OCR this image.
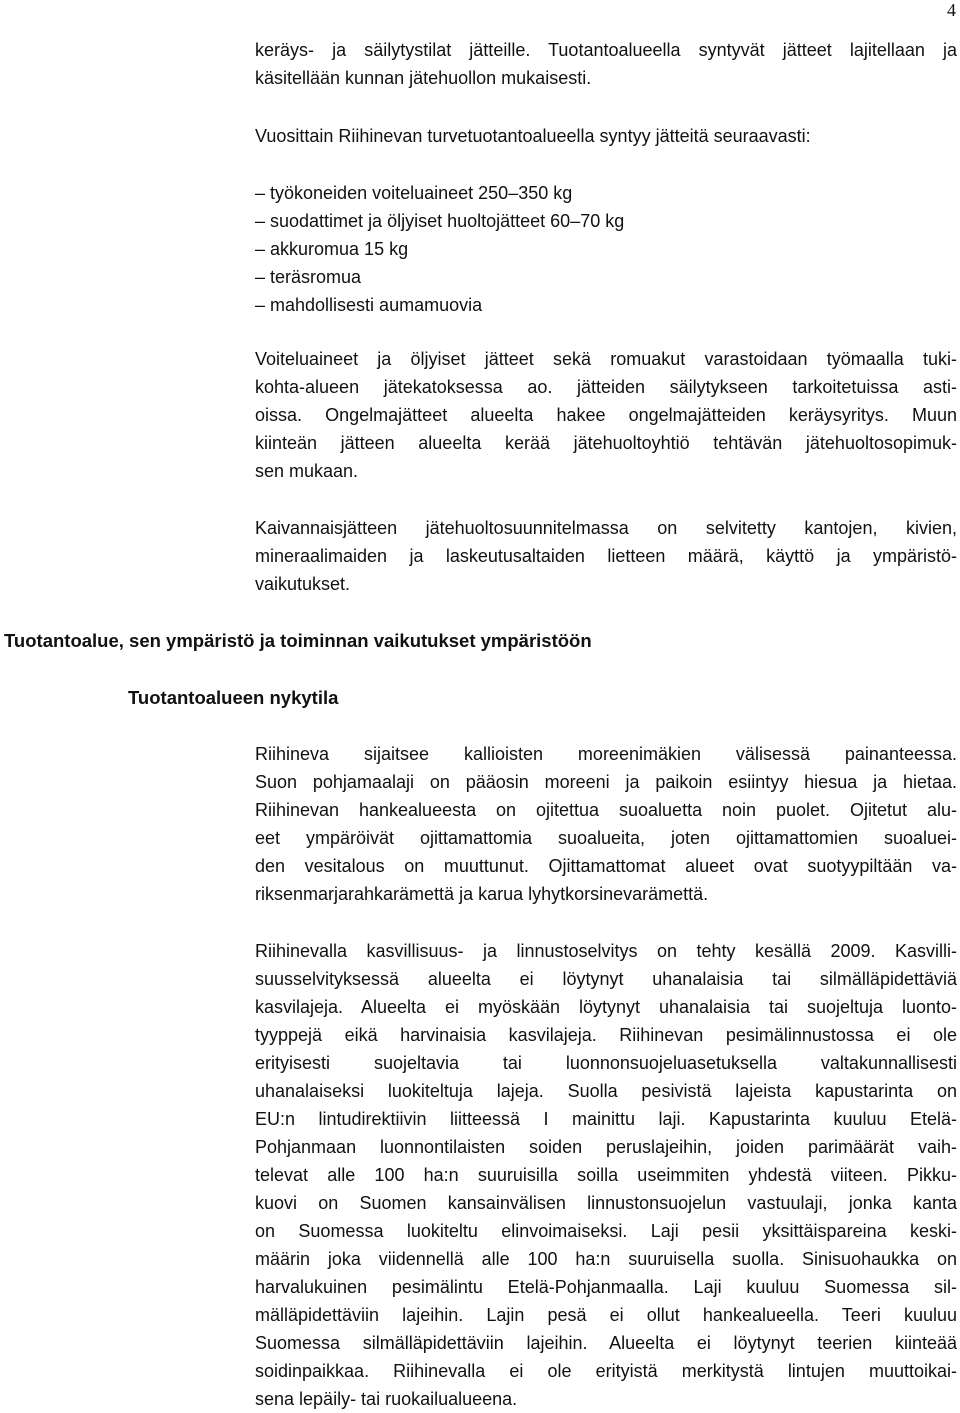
4
keräys- ja säilytystilat jätteille. Tuotantoalueella syntyvät jätteet lajitellaan ja
käsitellään kunnan jätehuollon mukaisesti.
Vuosittain Riihinevan turvetuotantoalueella syntyy jätteitä seuraavasti:
– työkoneiden voiteluaineet 250–350 kg
– suodattimet ja öljyiset huoltojätteet 60–70 kg
– akkuromua 15 kg
– teräsromua
– mahdollisesti aumamuovia
Voiteluaineet ja öljyiset jätteet sekä romuakut varastoidaan työmaalla tuki-
kohta-alueen jätekatoksessa ao. jätteiden säilytykseen tarkoitetuissa asti-
oissa. Ongelmajätteet alueelta hakee ongelmajätteiden keräysyritys. Muun
kiinteän jätteen alueelta kerää jätehuoltoyhtiö tehtävän jätehuoltosopimuk-
sen mukaan.
Kaivannaisjätteen jätehuoltosuunnitelmassa on selvitetty kantojen, kivien,
mineraalimaiden ja laskeutusaltaiden lietteen määrä, käyttö ja ympäristö-
vaikutukset.
Tuotantoalue, sen ympäristö ja toiminnan vaikutukset ympäristöön
Tuotantoalueen nykytila
Riihineva sijaitsee kallioisten moreenimäkien välisessä painanteessa.
Suon pohjamaalaji on pääosin moreeni ja paikoin esiintyy hiesua ja hietaa.
Riihinevan hankealueesta on ojitettua suoaluetta noin puolet. Ojitetut alu-
eet ympäröivät ojittamattomia suoalueita, joten ojittamattomien suoaluei-
den vesitalous on muuttunut. Ojittamattomat alueet ovat suotyypiltään va-
riksenmarjarahkarämettä ja karua lyhytkorsinevarämettä.
Riihinevalla kasvillisuus- ja linnustoselvitys on tehty kesällä 2009. Kasvilli-
suusselvityksessä alueelta ei löytynyt uhanalaisia tai silmälläpidettäviä
kasvilajeja. Alueelta ei myöskään löytynyt uhanalaisia tai suojeltuja luonto-
tyyppejä eikä harvinaisia kasvilajeja. Riihinevan pesimälinnustossa ei ole
erityisesti suojeltavia tai luonnonsuojeluasetuksella valtakunnallisesti
uhanalaiseksi luokiteltuja lajeja. Suolla pesivistä lajeista kapustarinta on
EU:n lintudirektiivin liitteessä I mainittu laji. Kapustarinta kuuluu Etelä-
Pohjanmaan luonnontilaisten soiden peruslajeihin, joiden parimäärät vaih-
televat alle 100 ha:n suuruisilla soilla useimmiten yhdestä viiteen. Pikku-
kuovi on Suomen kansainvälisen linnustonsuojelun vastuulaji, jonka kanta
on Suomessa luokiteltu elinvoimaiseksi. Laji pesii yksittäispareina keski-
määrin joka viidennellä alle 100 ha:n suuruisella suolla. Sinisuohaukka on
harvalukuinen pesimälintu Etelä-Pohjanmaalla. Laji kuuluu Suomessa sil-
mälläpidettäviin lajeihin. Lajin pesä ei ollut hankealueella. Teeri kuuluu
Suomessa silmälläpidettäviin lajeihin. Alueelta ei löytynyt teerien kiinteää
soidinpaikkaa. Riihinevalla ei ole erityistä merkitystä lintujen muuttoikai-
sena lepäily- tai ruokailualueena.
